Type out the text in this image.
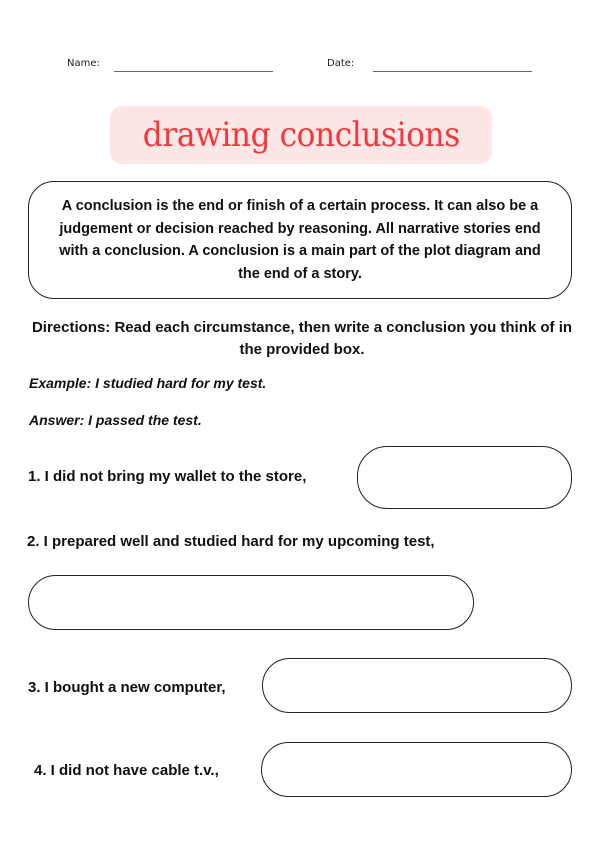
Name:	Date:
drawing conclusions

A conclusion is the end or finish of a certain process. It can also be a judgement or decision reached by reasoning. All narrative stories end with a conclusion. A conclusion is a main part of the plot diagram and the end of a story.

Directions: Read each circumstance, then write a conclusion you think of in the provided box.

Example: I studied hard for my test.

Answer: I passed the test.

1. I did not bring my wallet to the store,

2. I prepared well and studied hard for my upcoming test,

3. I bought a new computer,

4. I did not have cable t.v.,
